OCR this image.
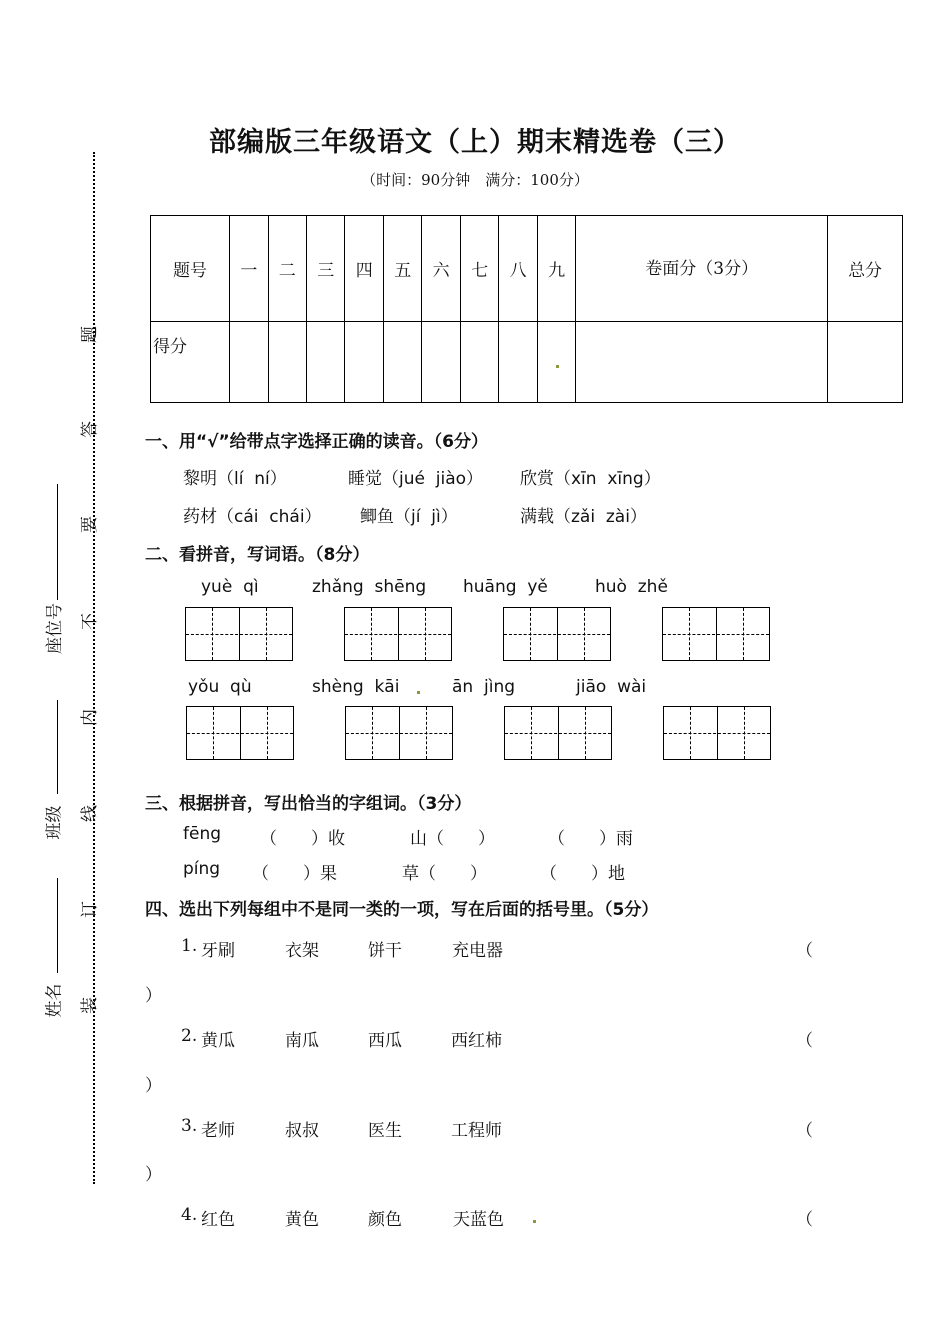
部编版三年级语文（上）期末精选卷（三）
（时间：90分钟　满分：100分）
题号	一	二	三	四	五	六	七	八	九	卷面分（3分）	总分
得分											
题
答
要
不
内
线
订
装
座位号
班级
姓名
一、用“√”给带点字选择正确的读音。（6分）
黎明（lí  ní）	睡觉（jué  jiào） 欣赏（xīn  xīng）
药材（cái  chái） 鲫鱼（jí  jì）	满载（zǎi  zài）
二、看拼音，写词语。（8分）
yuè  qì	zhǎng  shēng huāng  yě	huò  zhě
yǒu  qù	shèng  kāi	ān  jìng	jiāo  wài
三、根据拼音，写出恰当的字组词。（3分）
fēng （　　）收	山（　　）	（　　）雨
píng （　　）果	草（　　）	（　　）地
四、选出下列每组中不是同一类的一项，写在后面的括号里。（5分）
1. 牙刷	衣架	饼干	充电器	（
）
2. 黄瓜	南瓜	西瓜	西红柿	（
）
3. 老师	叔叔	医生	工程师	（
）
4. 红色	黄色	颜色	天蓝色	（
